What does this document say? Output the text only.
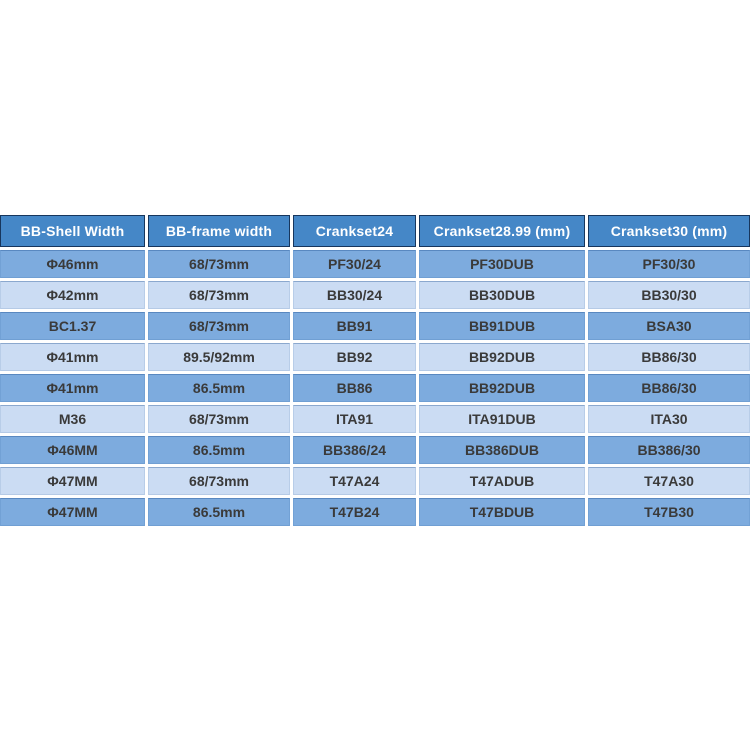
BB-Shell Width	BB-frame width	Crankset24	Crankset28.99 (mm)	Crankset30 (mm)
Φ46mm	68/73mm	PF30/24	PF30DUB	PF30/30
Φ42mm	68/73mm	BB30/24	BB30DUB	BB30/30
BC1.37	68/73mm	BB91	BB91DUB	BSA30
Φ41mm	89.5/92mm	BB92	BB92DUB	BB86/30
Φ41mm	86.5mm	BB86	BB92DUB	BB86/30
M36	68/73mm	ITA91	ITA91DUB	ITA30
Φ46MM	86.5mm	BB386/24	BB386DUB	BB386/30
Φ47MM	68/73mm	T47A24	T47ADUB	T47A30
Φ47MM	86.5mm	T47B24	T47BDUB	T47B30
